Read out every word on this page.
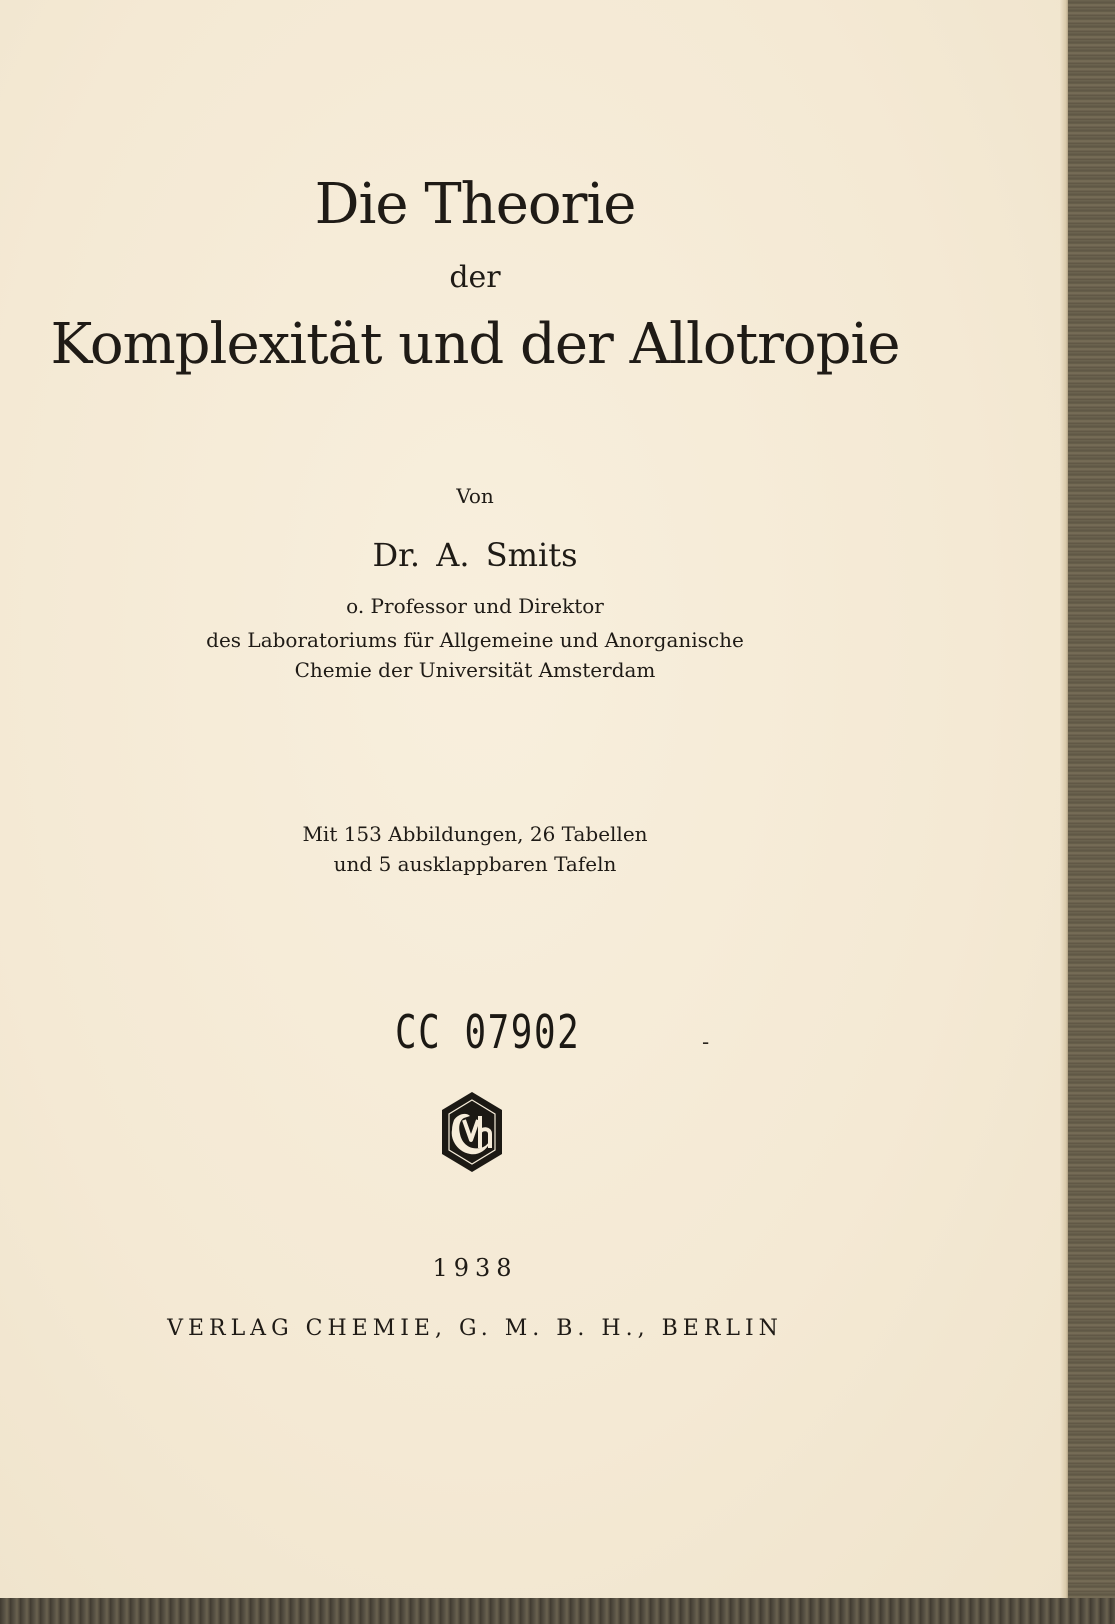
Die Theorie
der
Komplexität und der Allotropie
Von
Dr. A. Smits
o. Professor und Direktor
des Laboratoriums für Allgemeine und Anorganische
Chemie der Universität Amsterdam
Mit 153 Abbildungen, 26 Tabellen
und 5 ausklappbaren Tafeln
CC 07902	-
1938
VERLAG CHEMIE, G. M. B. H., BERLIN
